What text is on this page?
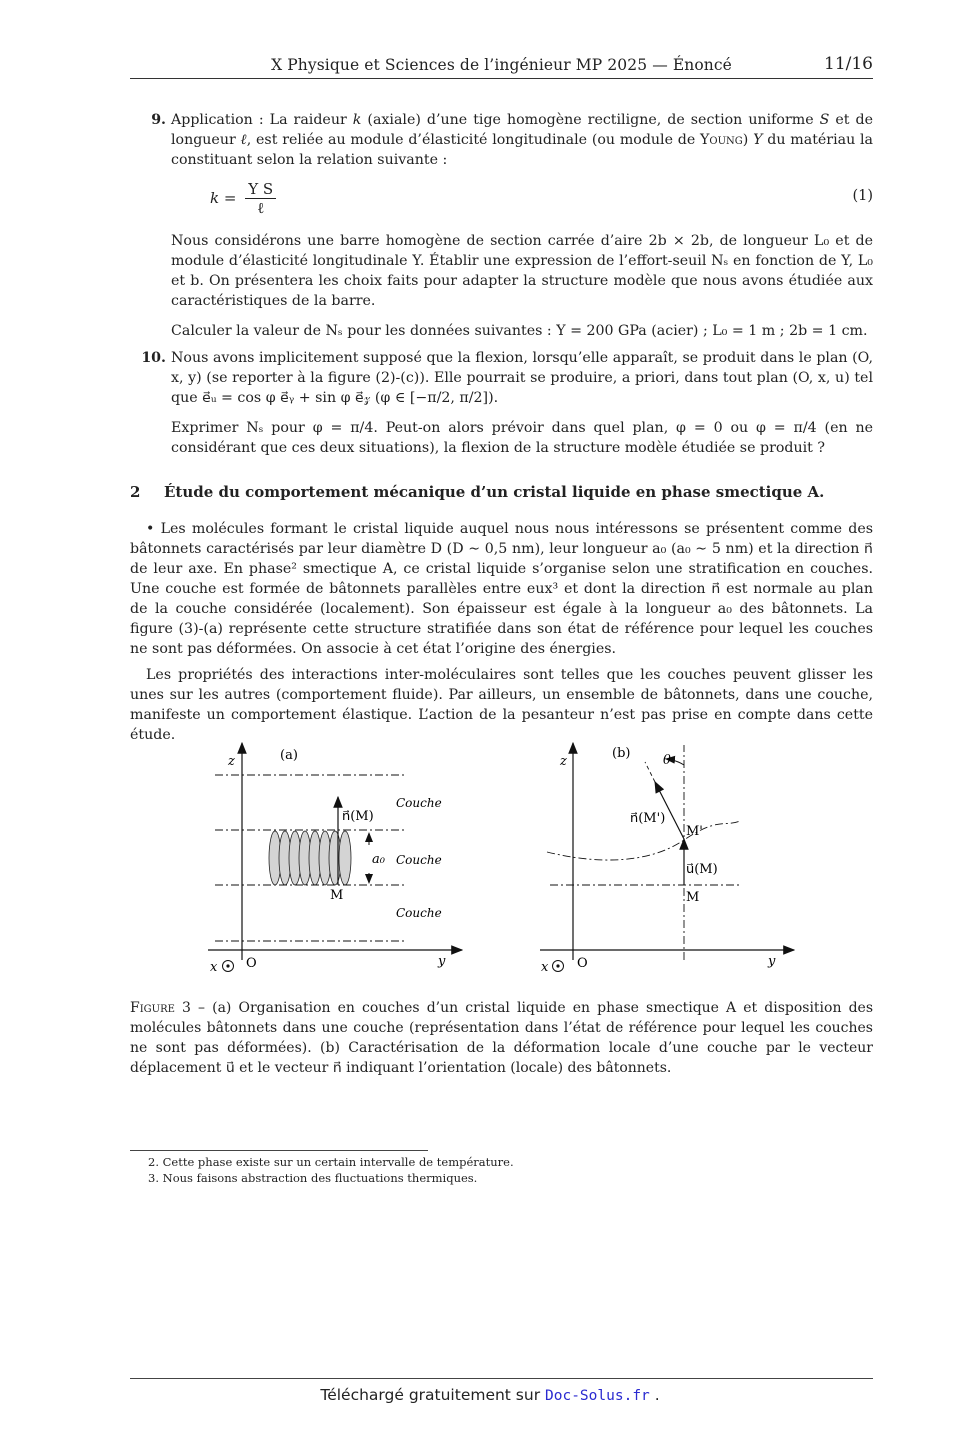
X Physique et Sciences de l’ingénieur MP 2025 — Énoncé	11/16
9. Application : La raideur k (axiale) d’une tige homogène rectiligne, de section uniforme S et de longueur ℓ, est reliée au module d’élasticité longitudinale (ou module de Young) Y du matériau la constituant selon la relation suivante :
$k = \frac{\text{Y S}}{\text{ℓ}}$	(1)
Nous considérons une barre homogène de section carrée d’aire 2b × 2b, de longueur L₀ et de module d’élasticité longitudinale Y. Établir une expression de l’effort-seuil Nₛ en fonction de Y, L₀ et b. On présentera les choix faits pour adapter la structure modèle que nous avons étudiée aux caractéristiques de la barre.
Calculer la valeur de Nₛ pour les données suivantes : Y = 200 GPa (acier) ; L₀ = 1 m ; 2b = 1 cm.
10. Nous avons implicitement supposé que la flexion, lorsqu’elle apparaît, se produit dans le plan (O, x, y) (se reporter à la figure (2)-(c)). Elle pourrait se produire, a priori, dans tout plan (O, x, u) tel que e⃗ᵤ = cos φ e⃗ᵧ + sin φ e⃗𝓏 (φ ∈ [−π/2, π/2]).
Exprimer Nₛ pour φ = π/4. Peut-on alors prévoir dans quel plan, φ = 0 ou φ = π/4 (en ne considérant que ces deux situations), la flexion de la structure modèle étudiée se produit ?
2 Étude du comportement mécanique d’un cristal liquide en phase smectique A.
• Les molécules formant le cristal liquide auquel nous nous intéressons se présentent comme des bâtonnets caractérisés par leur diamètre D (D ∼ 0,5 nm), leur longueur a₀ (a₀ ∼ 5 nm) et la direction n⃗ de leur axe. En phase² smectique A, ce cristal liquide s’organise selon une stratification en couches. Une couche est formée de bâtonnets parallèles entre eux³ et dont la direction n⃗ est normale au plan de la couche considérée (localement). Son épaisseur est égale à la longueur a₀ des bâtonnets. La figure (3)-(a) représente cette structure stratifiée dans son état de référence pour lequel les couches ne sont pas déformées. On associe à cet état l’origine des énergies.
Les propriétés des interactions inter-moléculaires sont telles que les couches peuvent glisser les unes sur les autres (comportement fluide). Par ailleurs, un ensemble de bâtonnets, dans une couche, manifeste un comportement élastique. L’action de la pesanteur n’est pas prise en compte dans cette étude.
z
y
x O
(a)
n⃗(M)
a₀
M
Couche
Couche
Couche
z
y
x O
(b)	θ
n⃗(M')
M'
u⃗(M)
M
Figure 3 – (a) Organisation en couches d’un cristal liquide en phase smectique A et disposition des molécules bâtonnets dans une couche (représentation dans l’état de référence pour lequel les couches ne sont pas déformées). (b) Caractérisation de la déformation locale d’une couche par le vecteur déplacement u⃗ et le vecteur n⃗ indiquant l’orientation (locale) des bâtonnets.
2. Cette phase existe sur un certain intervalle de température.
3. Nous faisons abstraction des fluctuations thermiques.
Téléchargé gratuitement sur Doc-Solus.fr .
